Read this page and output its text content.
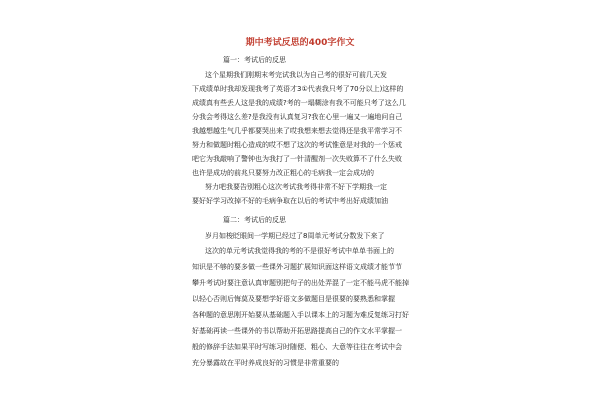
期中考试反思的400字作文
篇一：考试后的反思
这个星期我们刚期末考完试我以为自己考的很好可前几天发
下成绩单时我却发现我考了英语才3①代表我只考了70分以上)这样的
成绩真有些丢人这是我的成绩?考的一塌糊涂有我不可能只考了这么几
分我会考得这么差?是我没有认真复习?我在心里一遍又一遍地问自己
我越想越生气几乎都要哭出来了哎我想来想去觉得还是我平常学习不
努力和做题时粗心造成的哎不想了这次的考试惟意是对我的一个惩戒
吧它为我敲响了警钟也为我打了一针清醒剂一次失败算不了什么失败
也许是成功的前兆只要努力改正粗心的毛病我一定会成功的
努力吧我要告别粗心这次考试我考得非常不好下学期我一定
要好好学习改掉不好的毛病争取在以后的考试中考出好成绩加油
篇二：考试后的反思
岁月如梭眨眼间一学期已经过了8周单元考试分数发下来了
这次的单元考试我觉得我的考的不是很好考试中单单书面上的
知识是不够的要多做一些课外习题扩展知识面这样语文成绩才能节节
攀升考试时要注意认真审题别把句子的出处弄混了一定不能马虎不能掉
以轻心否则后悔莫及要想学好语文多做题目是很要的要熟悉和掌握
各种题的意思刚开始要从基础题入手以课本上的习题为难反复练习打好
好基础再读一些课外的书以帮助开拓思路提高自己的作文水平掌握一
般的修辞手法如果平时写练习时随便、粗心、大意等往往在考试中会
充分暴露故在平时养成良好的习惯是非常重要的
